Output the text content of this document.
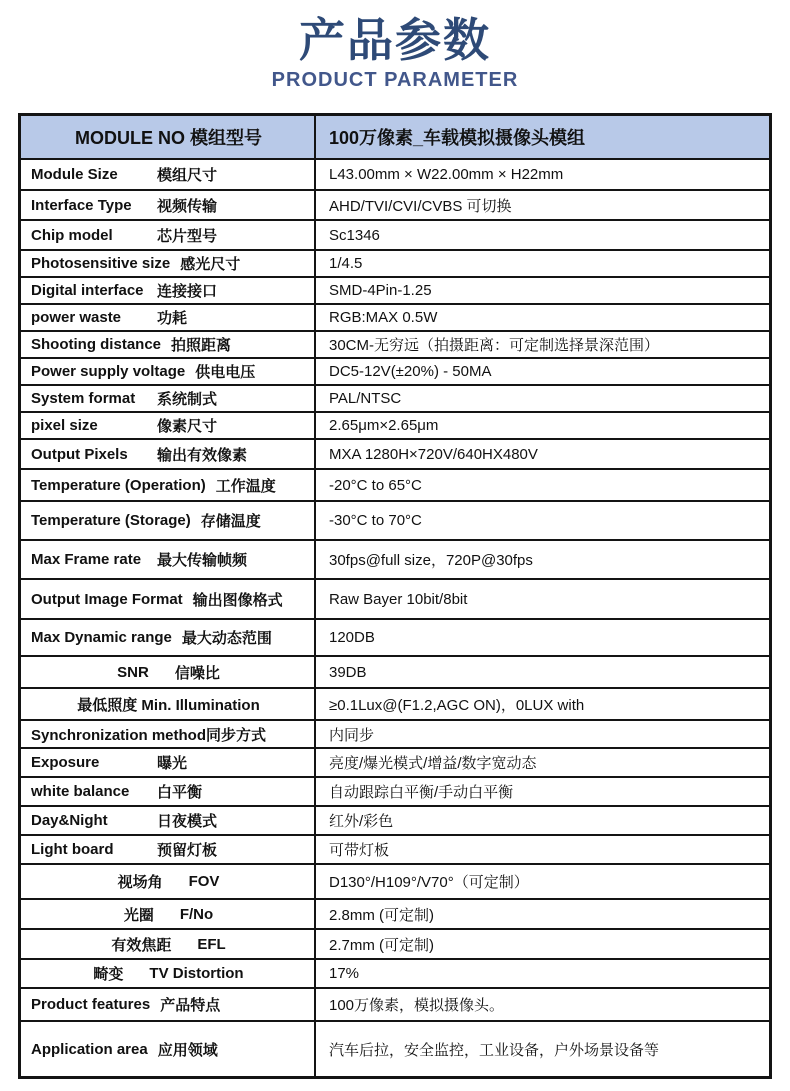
产品参数
PRODUCT PARAMETER
MODULE NO 模组型号	100万像素_车载模拟摄像头模组
Module Size	模组尺寸	L43.00mm × W22.00mm × H22mm
Interface Type	视频传输	AHD/TVI/CVI/CVBS 可切换
Chip model	芯片型号	Sc1346
Photosensitive size 感光尺寸	1/4.5
Digital interface 连接接口	SMD-4Pin-1.25
power waste	功耗	RGB:MAX 0.5W
Shooting distance 拍照距离	30CM-无穷远（拍摄距离：可定制选择景深范围）
Power supply voltage 供电电压	DC5-12V(±20%) - 50MA
System format	系统制式	PAL/NTSC
pixel size	像素尺寸	2.65μm×2.65μm
Output Pixels	输出有效像素	MXA 1280H×720V/640HX480V
Temperature (Operation) 工作温度	-20°C to 65°C
Temperature (Storage) 存储温度	-30°C to 70°C
Max Frame rate	最大传输帧频	30fps@full size，720P@30fps
Output Image Format 输出图像格式	Raw Bayer 10bit/8bit
Max Dynamic range 最大动态范围	120DB
SNR 信噪比	39DB
最低照度 Min. Illumination	≥0.1Lux@(F1.2,AGC ON)，0LUX with
Synchronization method同步方式	内同步
Exposure	曝光	亮度/爆光模式/增益/数字宽动态
white balance	白平衡	自动跟踪白平衡/手动白平衡
Day&Night	日夜模式	红外/彩色
Light board	预留灯板	可带灯板
视场角 FOV	D130°/H109°/V70°（可定制）
光圈 F/No	2.8mm (可定制)
有效焦距 EFL	2.7mm (可定制)
畸变 TV Distortion	17%
Product features 产品特点	100万像素，模拟摄像头。
Application area 应用领域	汽车后拉，安全监控，工业设备，户外场景设备等
